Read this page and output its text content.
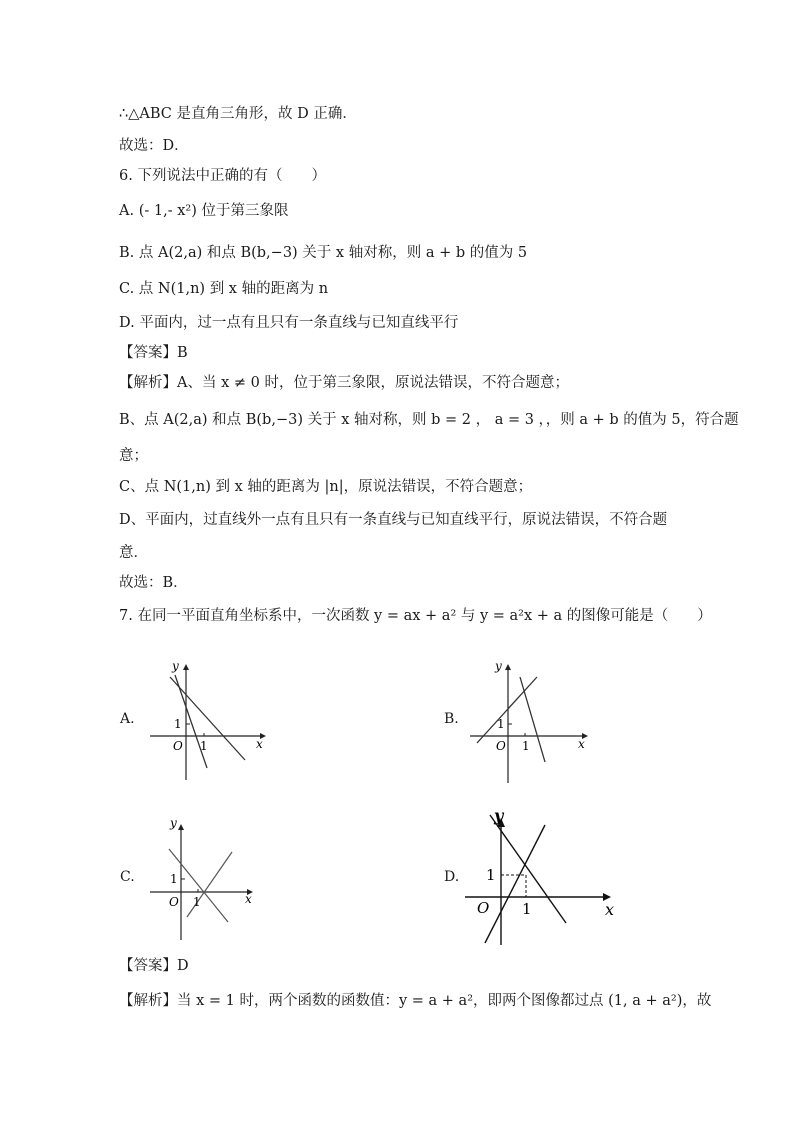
∴△ABC 是直角三角形，故 D 正确．
故选：D．
6. 下列说法中正确的有（　　）
A. (- 1,- x²) 位于第三象限
B. 点 A(2,a) 和点 B(b,−3) 关于 x 轴对称，则 a + b 的值为 5
C. 点 N(1,n) 到 x 轴的距离为 n
D. 平面内，过一点有且只有一条直线与已知直线平行
【答案】B
【解析】A、当 x ≠ 0 时，位于第三象限，原说法错误，不符合题意；
B、点 A(2,a) 和点 B(b,−3) 关于 x 轴对称，则 b = 2 ， a = 3 ，，则 a + b 的值为 5，符合题
意；
C、点 N(1,n) 到 x 轴的距离为 |n|，原说法错误，不符合题意；
D、平面内，过直线外一点有且只有一条直线与已知直线平行，原说法错误，不符合题
意．
故选：B．
7. 在同一平面直角坐标系中，一次函数 y = ax + a² 与 y = a²x + a 的图像可能是（　　）
A.
y
x
O 1
1	B.
y
x
O 1
1
C.
y
x
O 1
1	D.
y
x
O 1
1
【答案】D
【解析】当 x = 1 时，两个函数的函数值：y = a + a²，即两个图像都过点 (1, a + a²)，故
